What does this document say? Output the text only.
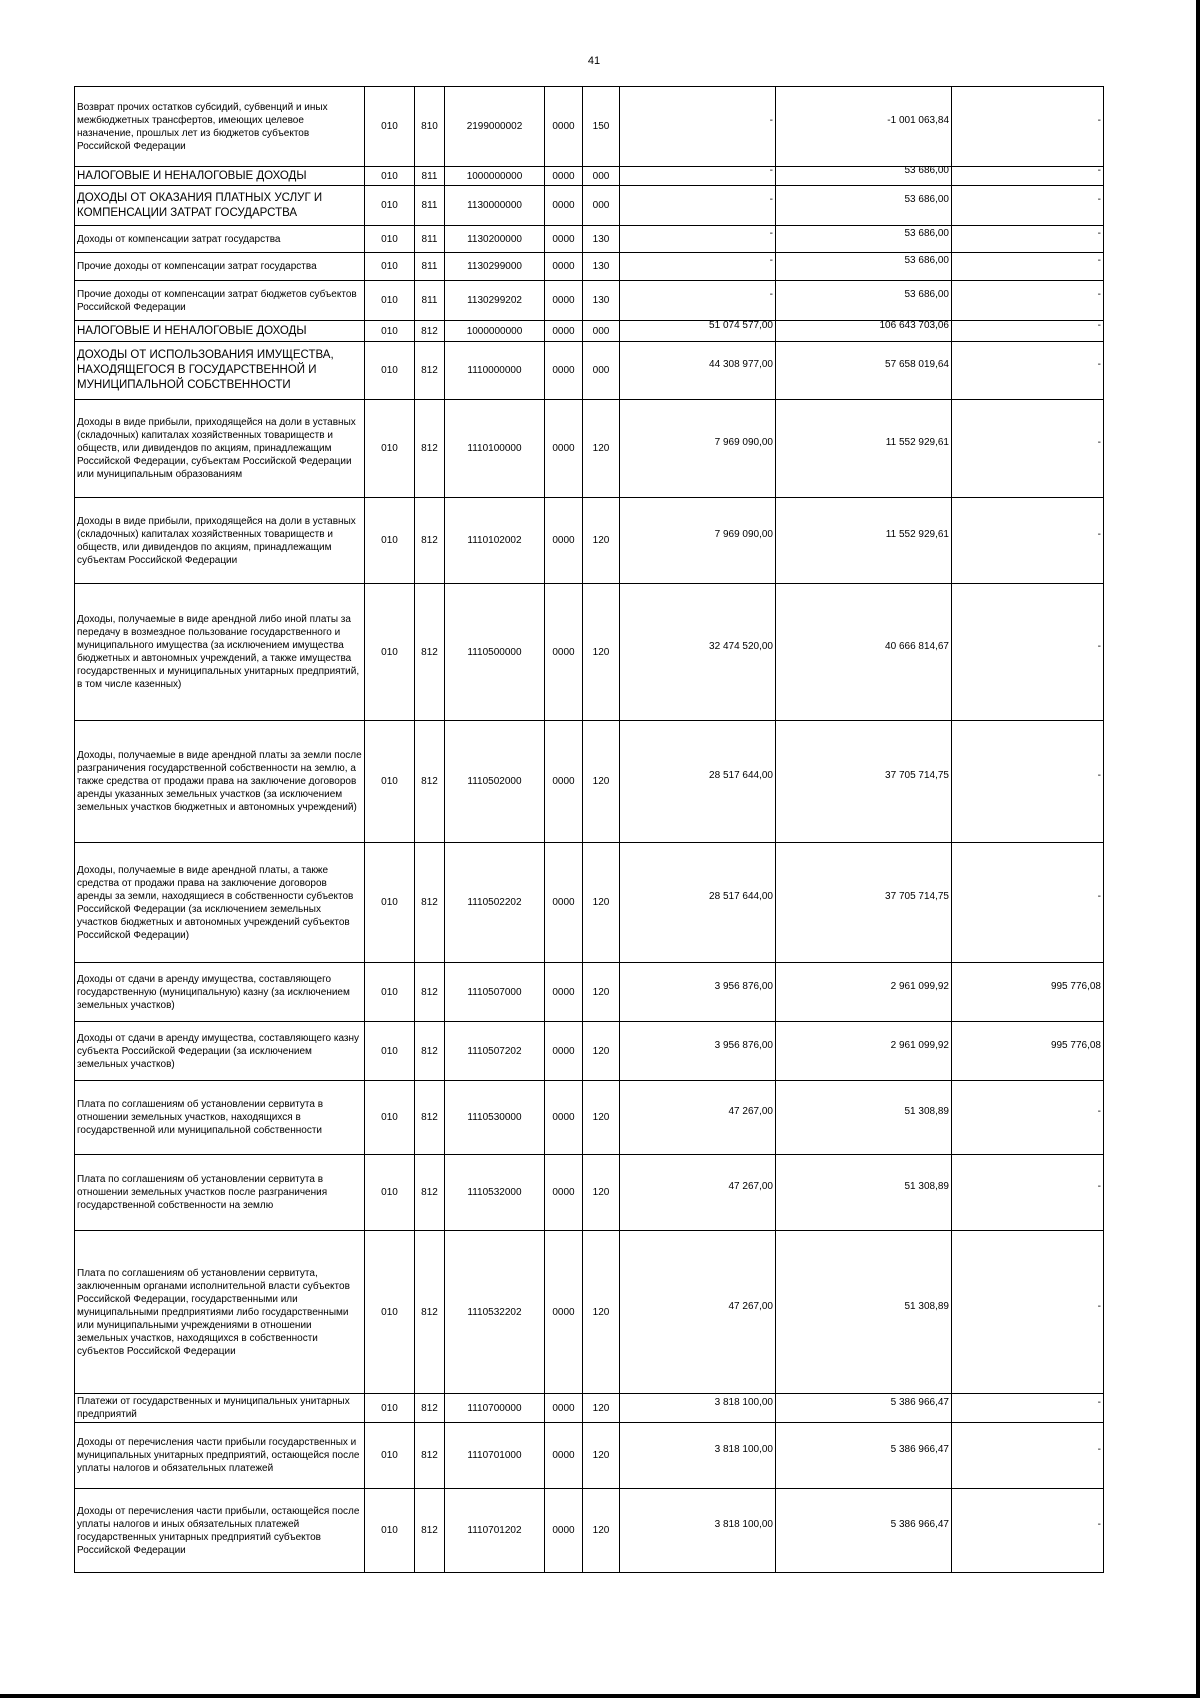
41
Возврат прочих остатков субсидий, субвенций и иных межбюджетных трансфертов, имеющих целевое назначение, прошлых лет из бюджетов субъектов Российской Федерации	010	810	2199000002	0000	150	-	-1 001 063,84	-
НАЛОГОВЫЕ И НЕНАЛОГОВЫЕ ДОХОДЫ	010	811	1000000000	0000	000	-	53 686,00	-
ДОХОДЫ ОТ ОКАЗАНИЯ ПЛАТНЫХ УСЛУГ И КОМПЕНСАЦИИ ЗАТРАТ ГОСУДАРСТВА	010	811	1130000000	0000	000	-	53 686,00	-
Доходы от компенсации затрат государства	010	811	1130200000	0000	130	-	53 686,00	-
Прочие доходы от компенсации затрат государства	010	811	1130299000	0000	130	-	53 686,00	-
Прочие доходы от компенсации затрат бюджетов субъектов Российской Федерации	010	811	1130299202	0000	130	-	53 686,00	-
НАЛОГОВЫЕ И НЕНАЛОГОВЫЕ ДОХОДЫ	010	812	1000000000	0000	000	51 074 577,00	106 643 703,06	-
ДОХОДЫ ОТ ИСПОЛЬЗОВАНИЯ ИМУЩЕСТВА, НАХОДЯЩЕГОСЯ В ГОСУДАРСТВЕННОЙ И МУНИЦИПАЛЬНОЙ СОБСТВЕННОСТИ	010	812	1110000000	0000	000	44 308 977,00	57 658 019,64	-
Доходы в виде прибыли, приходящейся на доли в уставных (складочных) капиталах хозяйственных товариществ и обществ, или дивидендов по акциям, принадлежащим Российской Федерации, субъектам Российской Федерации или муниципальным образованиям	010	812	1110100000	0000	120	7 969 090,00	11 552 929,61	-
Доходы в виде прибыли, приходящейся на доли в уставных (складочных) капиталах хозяйственных товариществ и обществ, или дивидендов по акциям, принадлежащим субъектам Российской Федерации	010	812	1110102002	0000	120	7 969 090,00	11 552 929,61	-
Доходы, получаемые в виде арендной либо иной платы за передачу в возмездное пользование государственного и муниципального имущества (за исключением имущества бюджетных и автономных учреждений, а также имущества государственных и муниципальных унитарных предприятий, в том числе казенных)	010	812	1110500000	0000	120	32 474 520,00	40 666 814,67	-
Доходы, получаемые в виде арендной платы за земли после разграничения государственной собственности на землю, а также средства от продажи права на заключение договоров аренды указанных земельных участков (за исключением земельных участков бюджетных и автономных учреждений)	010	812	1110502000	0000	120	28 517 644,00	37 705 714,75	-
Доходы, получаемые в виде арендной платы, а также средства от продажи права на заключение договоров аренды за земли, находящиеся в собственности субъектов Российской Федерации (за исключением земельных участков бюджетных и автономных учреждений субъектов Российской Федерации)	010	812	1110502202	0000	120	28 517 644,00	37 705 714,75	-
Доходы от сдачи в аренду имущества, составляющего государственную (муниципальную) казну (за исключением земельных участков)	010	812	1110507000	0000	120	3 956 876,00	2 961 099,92	995 776,08
Доходы от сдачи в аренду имущества, составляющего казну субъекта Российской Федерации (за исключением земельных участков)	010	812	1110507202	0000	120	3 956 876,00	2 961 099,92	995 776,08
Плата по соглашениям об установлении сервитута в отношении земельных участков, находящихся в государственной или муниципальной собственности	010	812	1110530000	0000	120	47 267,00	51 308,89	-
Плата по соглашениям об установлении сервитута в отношении земельных участков после разграничения государственной собственности на землю	010	812	1110532000	0000	120	47 267,00	51 308,89	-
Плата по соглашениям об установлении сервитута, заключенным органами исполнительной власти субъектов Российской Федерации, государственными или муниципальными предприятиями либо государственными или муниципальными учреждениями в отношении земельных участков, находящихся в собственности субъектов Российской Федерации	010	812	1110532202	0000	120	47 267,00	51 308,89	-
Платежи от государственных и муниципальных унитарных предприятий	010	812	1110700000	0000	120	3 818 100,00	5 386 966,47	-
Доходы от перечисления части прибыли государственных и муниципальных унитарных предприятий, остающейся после уплаты налогов и обязательных платежей	010	812	1110701000	0000	120	3 818 100,00	5 386 966,47	-
Доходы от перечисления части прибыли, остающейся после уплаты налогов и иных обязательных платежей государственных унитарных предприятий субъектов Российской Федерации	010	812	1110701202	0000	120	3 818 100,00	5 386 966,47	-
